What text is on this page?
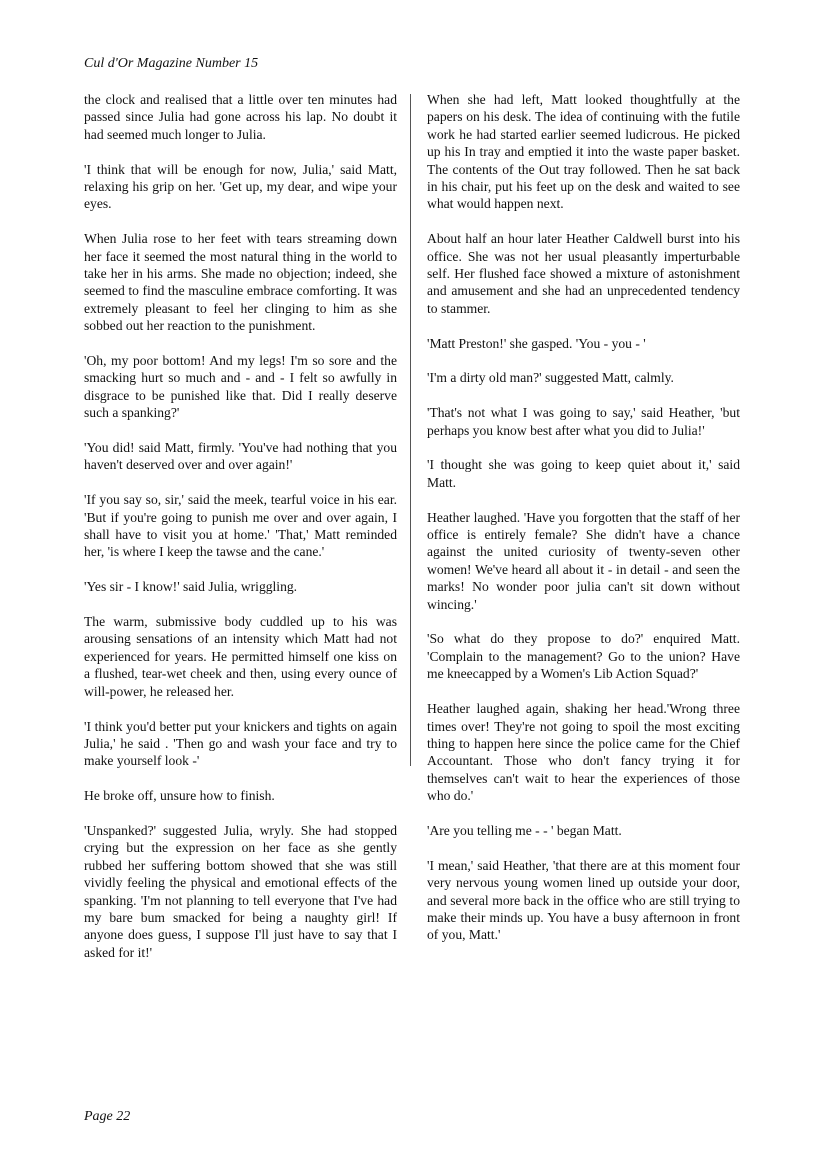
Cul d'Or Magazine Number 15

the clock and realised that a little over ten minutes had passed since Julia had gone across his lap. No doubt it had seemed much longer to Julia.

'I think that will be enough for now, Julia,' said Matt, relaxing his grip on her. 'Get up, my dear, and wipe your eyes.

When Julia rose to her feet with tears streaming down her face it seemed the most natural thing in the world to take her in his arms. She made no objection; indeed, she seemed to find the masculine embrace comforting. It was extremely pleasant to feel her clinging to him as she sobbed out her reaction to the punishment.

'Oh, my poor bottom! And my legs! I'm so sore and the smacking hurt so much and - and - I felt so awfully in disgrace to be punished like that. Did I really deserve such a spanking?'

'You did! said Matt, firmly. 'You've had nothing that you haven't deserved over and over again!'

'If you say so, sir,' said the meek, tearful voice in his ear. 'But if you're going to punish me over and over again, I shall have to visit you at home.' 'That,' Matt reminded her, 'is where I keep the tawse and the cane.'

'Yes sir - I know!' said Julia, wriggling.

The warm, submissive body cuddled up to his was arousing sensations of an intensity which Matt had not experienced for years. He permitted himself one kiss on a flushed, tear-wet cheek and then, using every ounce of will-power, he released her.

'I think you'd better put your knickers and tights on again Julia,' he said . 'Then go and wash your face and try to make yourself look -'

He broke off, unsure how to finish.

'Unspanked?' suggested Julia, wryly. She had stopped crying but the expression on her face as she gently rubbed her suffering bottom showed that she was still vividly feeling the physical and emotional effects of the spanking. 'I'm not planning to tell everyone that I've had my bare bum smacked for being a naughty girl! If anyone does guess, I suppose I'll just have to say that I asked for it!'

When she had left, Matt looked thoughtfully at the papers on his desk. The idea of continuing with the futile work he had started earlier seemed ludicrous. He picked up his In tray and emptied it into the waste paper basket. The contents of the Out tray followed. Then he sat back in his chair, put his feet up on the desk and waited to see what would happen next.

About half an hour later Heather Caldwell burst into his office. She was not her usual pleasantly imperturbable self. Her flushed face showed a mixture of astonishment and amusement and she had an unprecedented tendency to stammer.

'Matt Preston!' she gasped. 'You - you - '

'I'm a dirty old man?' suggested Matt, calmly.

'That's not what I was going to say,' said Heather, 'but perhaps you know best after what you did to Julia!'

'I thought she was going to keep quiet about it,' said Matt.

Heather laughed. 'Have you forgotten that the staff of her office is entirely female? She didn't have a chance against the united curiosity of twenty-seven other women! We've heard all about it - in detail - and seen the marks! No wonder poor julia can't sit down without wincing.'

'So what do they propose to do?' enquired Matt. 'Complain to the management? Go to the union? Have me kneecapped by a Women's Lib Action Squad?'

Heather laughed again, shaking her head.'Wrong three times over! They're not going to spoil the most exciting thing to happen here since the police came for the Chief Accountant. Those who don't fancy trying it for themselves can't wait to hear the experiences of those who do.'

'Are you telling me - - ' began Matt.

'I mean,' said Heather, 'that there are at this moment four very nervous young women lined up outside your door, and several more back in the office who are still trying to make their minds up. You have a busy afternoon in front of you, Matt.'

Page 22
